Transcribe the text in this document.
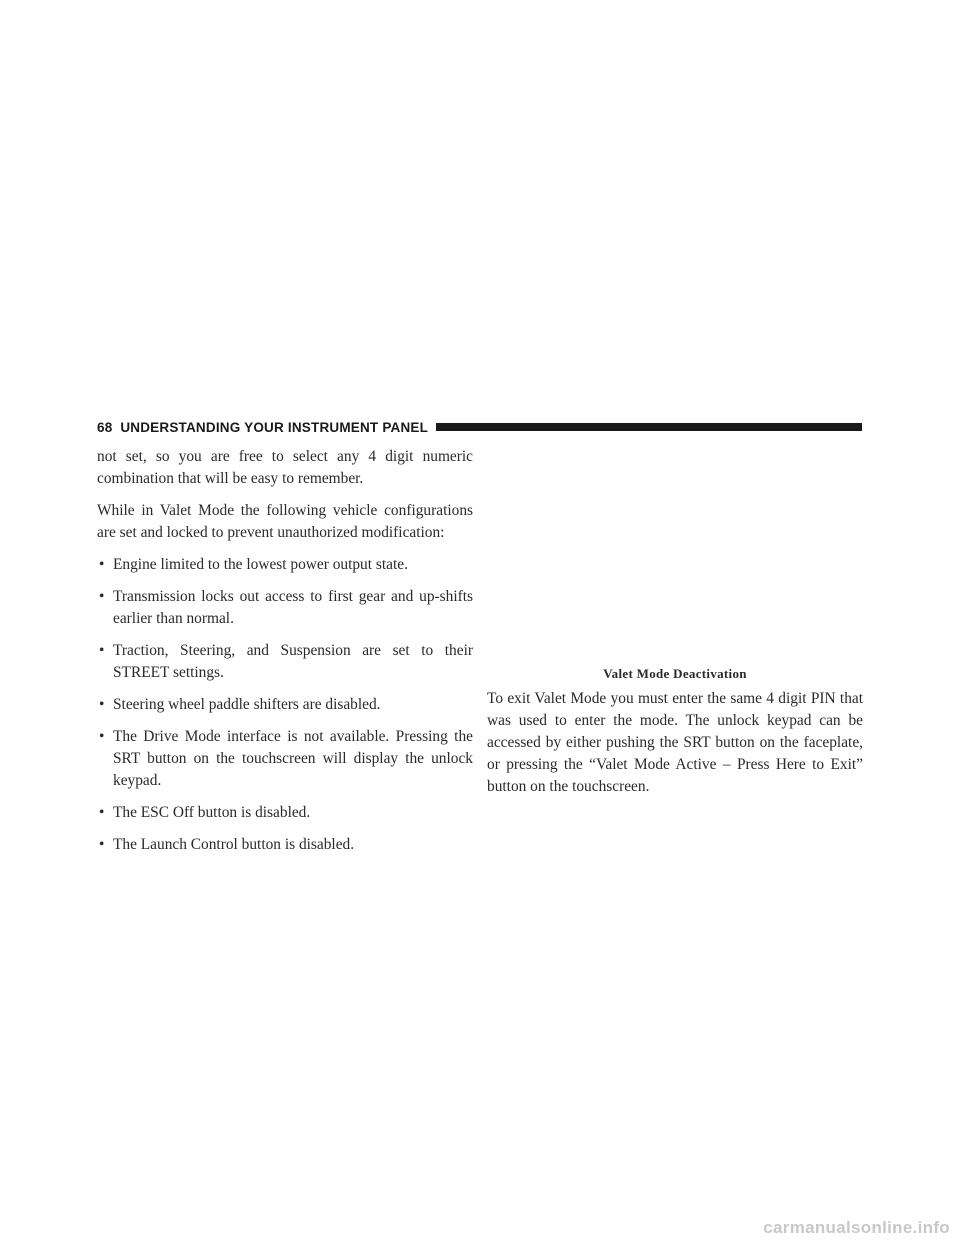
68 UNDERSTANDING YOUR INSTRUMENT PANEL

not set, so you are free to select any 4 digit numeric combination that will be easy to remember.

While in Valet Mode the following vehicle configurations are set and locked to prevent unauthorized modification:

• Engine limited to the lowest power output state.
• Transmission locks out access to first gear and up-shifts earlier than normal.
• Traction, Steering, and Suspension are set to their STREET settings.
• Steering wheel paddle shifters are disabled.
• The Drive Mode interface is not available. Pressing the SRT button on the touchscreen will display the unlock keypad.
• The ESC Off button is disabled.
• The Launch Control button is disabled.
Valet Mode Deactivation

To exit Valet Mode you must enter the same 4 digit PIN that was used to enter the mode. The unlock keypad can be accessed by either pushing the SRT button on the faceplate, or pressing the “Valet Mode Active – Press Here to Exit” button on the touchscreen.

carmanualsonline.info
